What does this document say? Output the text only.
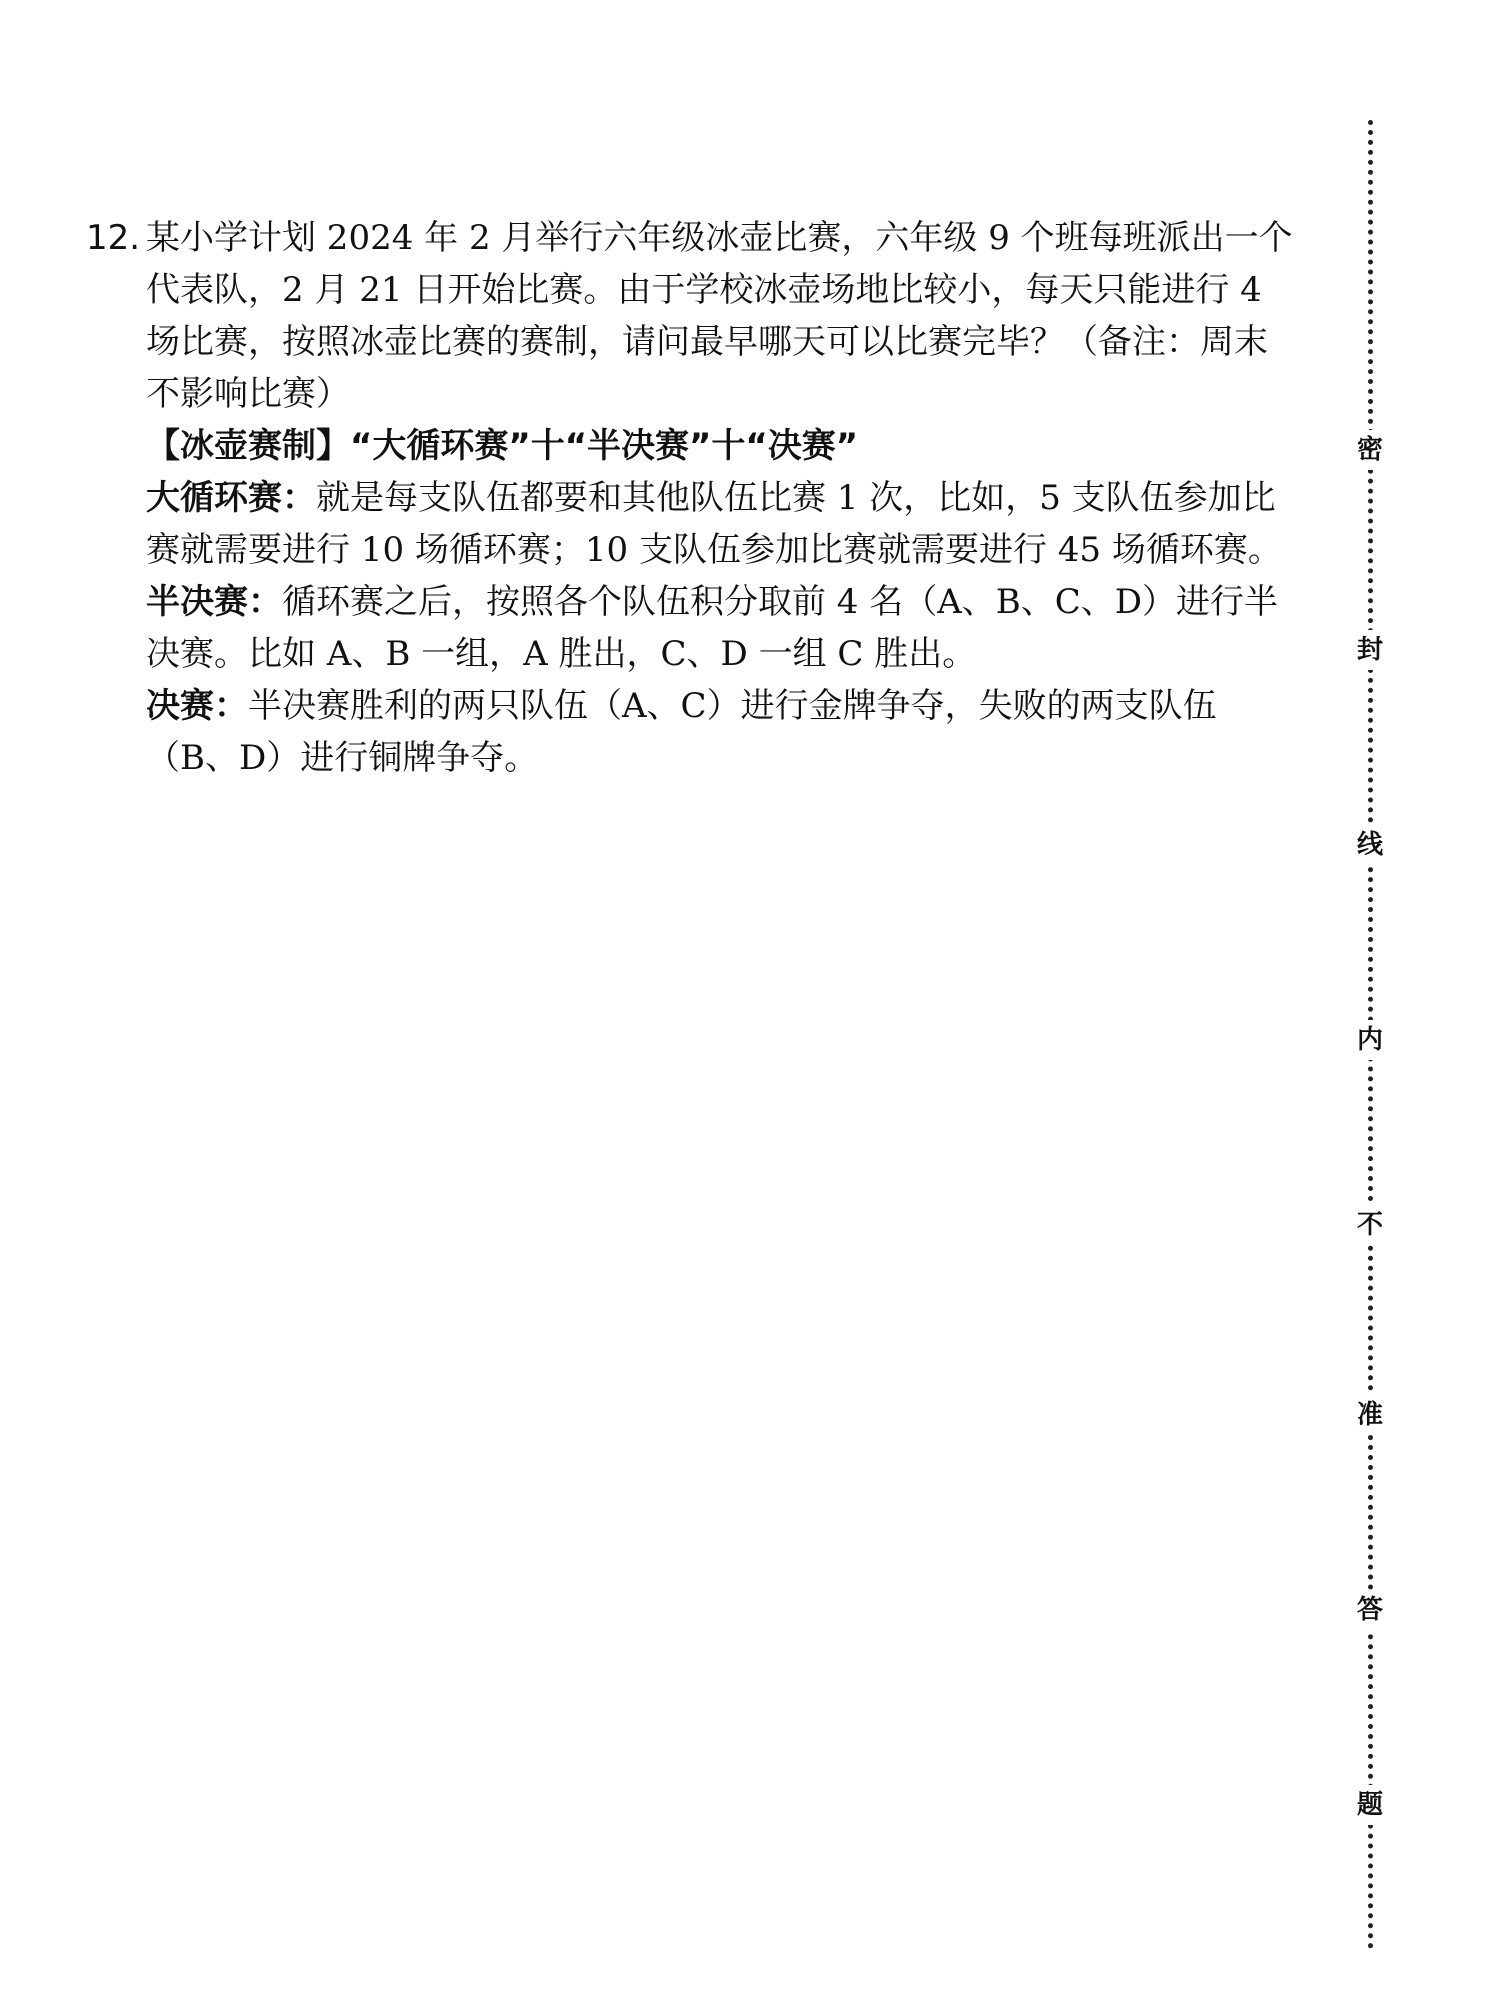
12. 某小学计划 2024 年 2 月举行六年级冰壶比赛，六年级 9 个班每班派出一个代表队，2 月 21 日开始比赛。由于学校冰壶场地比较小，每天只能进行 4 场比赛，按照冰壶比赛的赛制，请问最早哪天可以比赛完毕？（备注：周末不影响比赛）
【冰壶赛制】“大循环赛”十“半决赛”十“决赛”
大循环赛：就是每支队伍都要和其他队伍比赛 1 次，比如，5 支队伍参加比赛就需要进行 10 场循环赛；10 支队伍参加比赛就需要进行 45 场循环赛。
半决赛：循环赛之后，按照各个队伍积分取前 4 名（A、B、C、D）进行半决赛。比如 A、B 一组，A 胜出，C、D 一组 C 胜出。
决赛：半决赛胜利的两只队伍（A、C）进行金牌争夺，失败的两支队伍（B、D）进行铜牌争夺。
密
封
线
内
不
准
答
题
